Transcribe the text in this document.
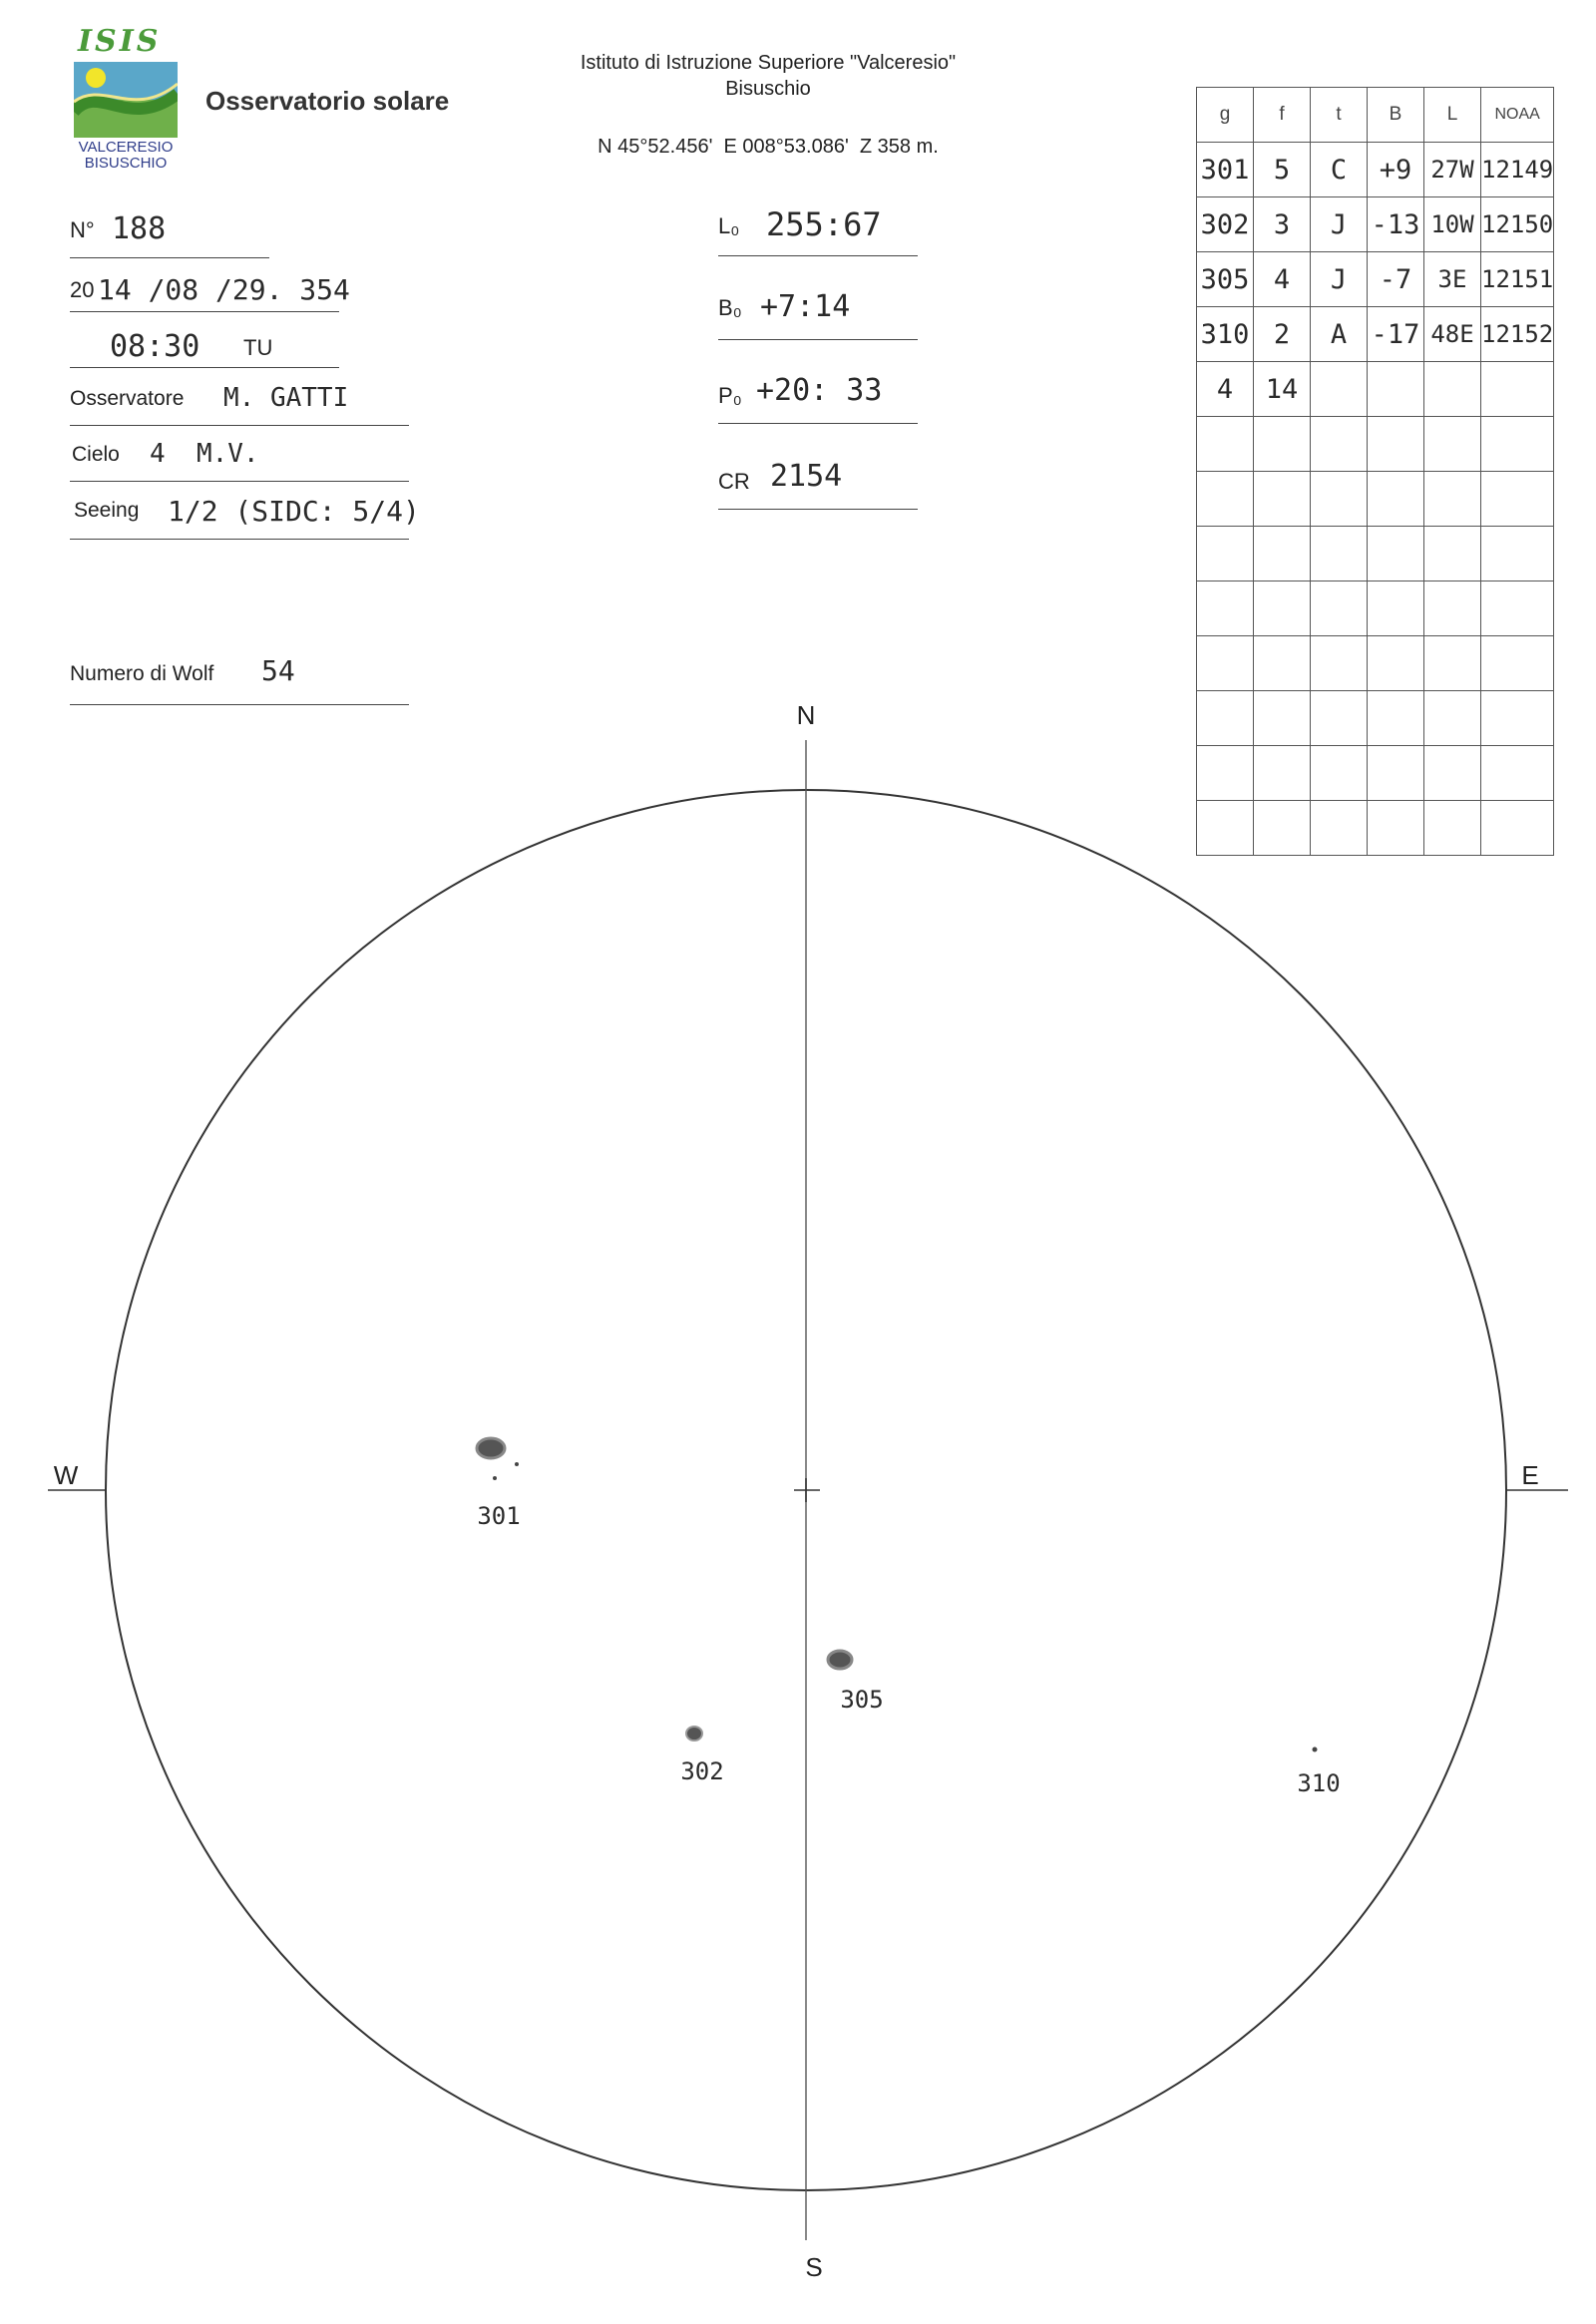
ISIS
VALCERESIO
BISUSCHIO
Osservatorio solare
Istituto di Istruzione Superiore "Valceresio"
Bisuschio
N 45°52.456'  E 008°53.086'  Z 358 m.
N° 188
20 14 /08 /29. 354
08:30 TU
Osservatore M. GATTI
Cielo 4  M.V.
Seeing 1/2 (SIDC: 5/4)
Numero di Wolf 54
L₀ 255:67
B₀ +7:14
P₀ +20: 33
CR 2154
g	f	t	B	L	NOAA
301	5	C	+9	27W	12149
302	3	J	-13	10W	12150
305	4	J	-7	3E	12151
310	2	A	-17	48E	12152
4	14				

N
S
W	E
301
302
305
310
